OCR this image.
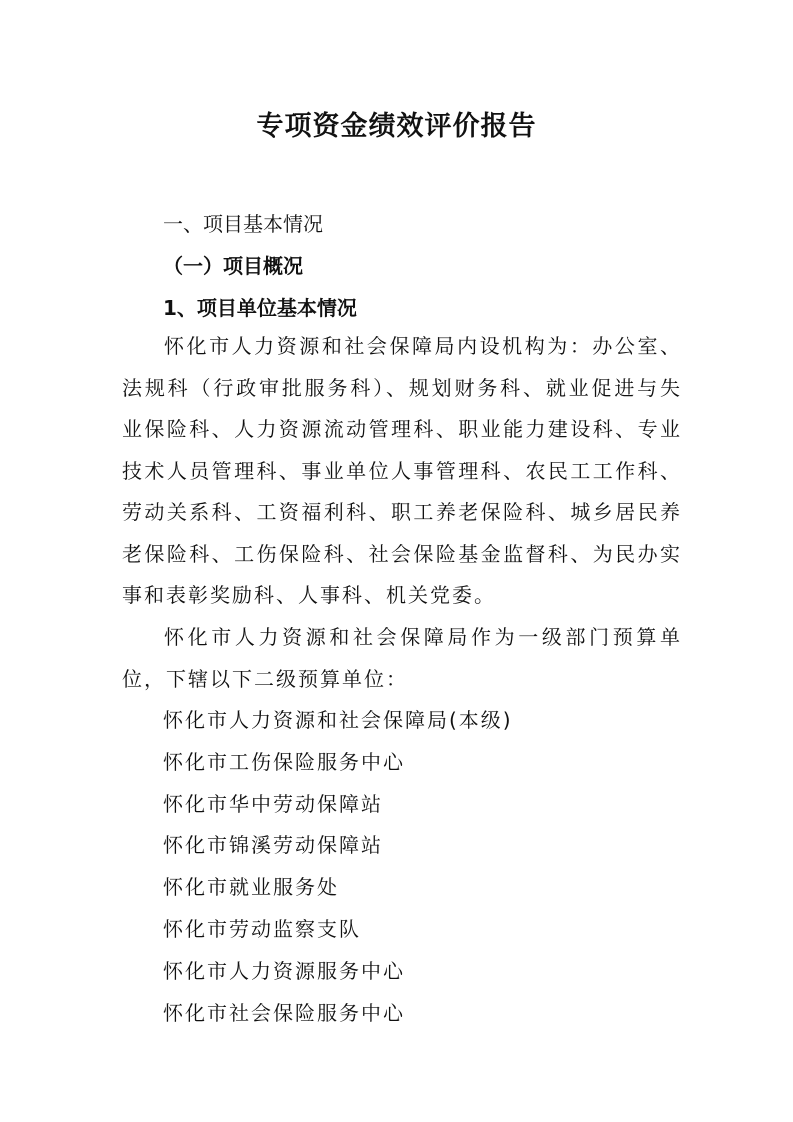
专项资金绩效评价报告
一、项目基本情况
（一）项目概况
1、项目单位基本情况
怀化市人力资源和社会保障局内设机构为：办公室、法规科（行政审批服务科）、规划财务科、就业促进与失业保险科、人力资源流动管理科、职业能力建设科、专业技术人员管理科、事业单位人事管理科、农民工工作科、劳动关系科、工资福利科、职工养老保险科、城乡居民养老保险科、工伤保险科、社会保险基金监督科、为民办实事和表彰奖励科、人事科、机关党委。
怀化市人力资源和社会保障局作为一级部门预算单位，下辖以下二级预算单位：
怀化市人力资源和社会保障局(本级)
怀化市工伤保险服务中心
怀化市华中劳动保障站
怀化市锦溪劳动保障站
怀化市就业服务处
怀化市劳动监察支队
怀化市人力资源服务中心
怀化市社会保险服务中心
